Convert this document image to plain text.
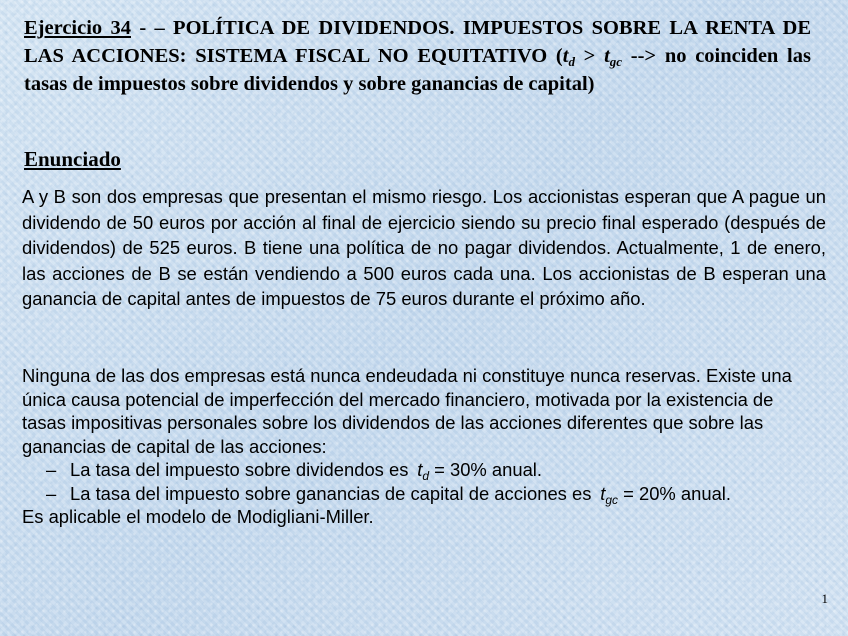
Ejercicio 34 - – POLÍTICA DE DIVIDENDOS. IMPUESTOS SOBRE LA RENTA DE LAS ACCIONES: SISTEMA FISCAL NO EQUITATIVO ($t_d > t_{gc}$ --> no coinciden las tasas de impuestos sobre dividendos y sobre ganancias de capital)
Enunciado

A y B son dos empresas que presentan el mismo riesgo. Los accionistas esperan que A pague un dividendo de 50 euros por acción al final de ejercicio siendo su precio final esperado (después de dividendos) de 525 euros. B tiene una política de no pagar dividendos. Actualmente, 1 de enero, las acciones de B se están vendiendo a 500 euros cada una. Los accionistas de B esperan una ganancia de capital antes de impuestos de 75 euros durante el próximo año.

Ninguna de las dos empresas está nunca endeudada ni constituye nunca reservas. Existe una única causa potencial de imperfección del mercado financiero, motivada por la existencia de tasas impositivas personales sobre los dividendos de las acciones diferentes que sobre las ganancias de capital de las acciones:
– La tasa del impuesto sobre dividendos es  $t_d = 30\%$ anual.
– La tasa del impuesto sobre ganancias de capital de acciones es  $t_{gc} = 20\%$ anual.
Es aplicable el modelo de Modigliani-Miller.
1
